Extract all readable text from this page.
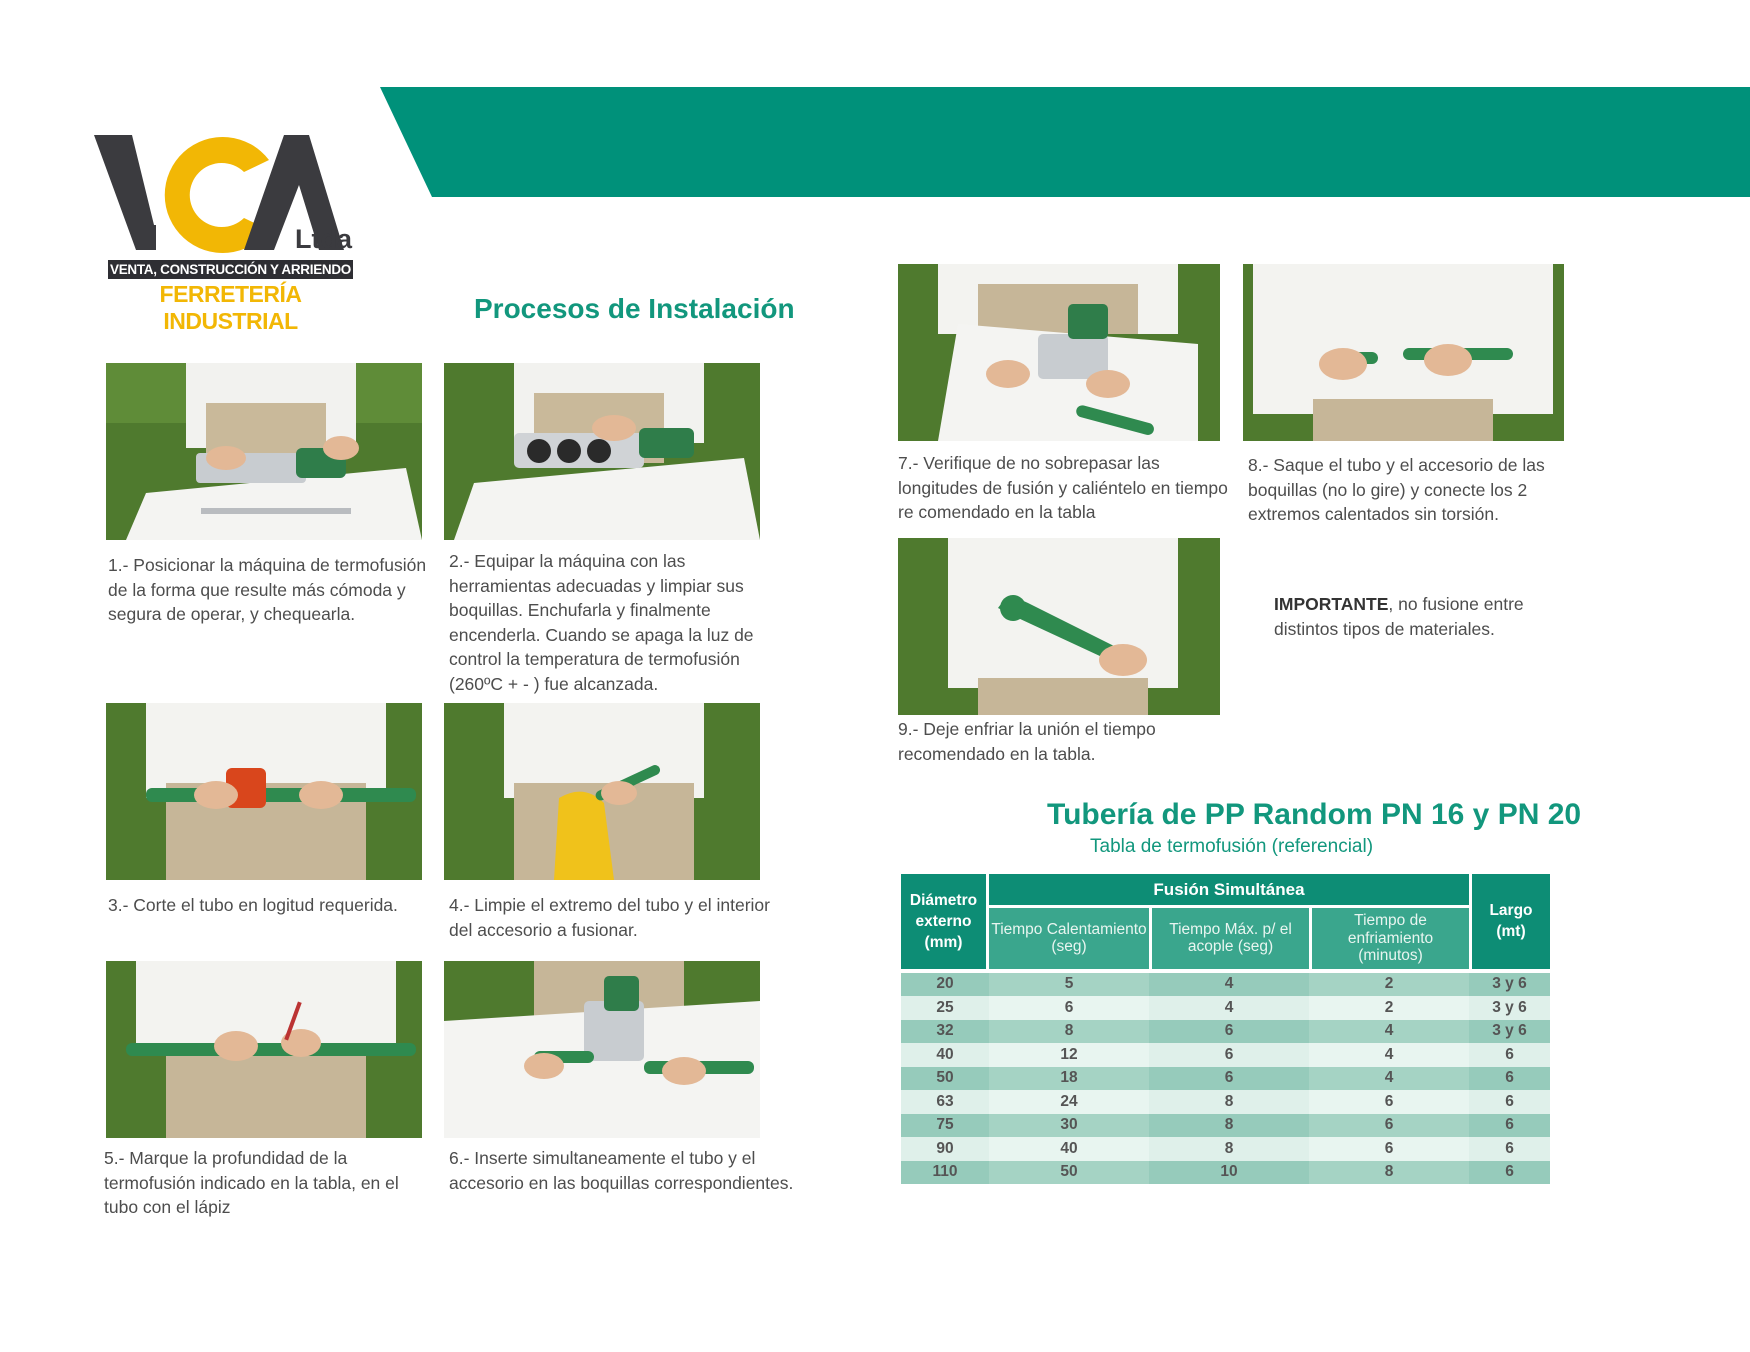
Ltda
VENTA, CONSTRUCCIÓN Y ARRIENDO
FERRETERÍA INDUSTRIAL	Procesos de Instalación
1.- Posicionar la máquina de termofusión de la forma que resulte más cómoda y segura de operar, y chequearla.
2.- Equipar la máquina con las herramientas adecuadas y limpiar sus boquillas. Enchufarla y finalmente encenderla. Cuando se apaga la luz de control la temperatura de termofusión (260ºC + - ) fue alcanzada.
3.- Corte el tubo en logitud requerida.	4.- Limpie el extremo del tubo y el interior del accesorio a fusionar.
5.- Marque la profundidad de la termofusión indicado en la tabla, en el tubo con el lápiz
6.- Inserte simultaneamente el tubo y el accesorio en las boquillas correspondientes.
7.- Verifique de no sobrepasar las longitudes de fusión y caliéntelo en tiempo re comendado en la tabla
8.- Saque el tubo y el accesorio de las boquillas (no lo gire) y conecte los 2 extremos calentados sin torsión.
9.- Deje enfriar la unión el tiempo recomendado en la tabla.
IMPORTANTE, no fusione entre distintos tipos de materiales.
Tubería de PP Random PN 16 y PN 20
Tabla de termofusión (referencial)
Diámetro externo (mm)	Fusión Simultánea			Largo (mt)
	Tiempo Calentamiento (seg)	Tiempo Máx. p/ el acople (seg)	Tiempo de enfriamiento (minutos)	

20	5	4	2	3 y 6
25	6	4	2	3 y 6
32	8	6	4	3 y 6
40	12	6	4	6
50	18	6	4	6
63	24	8	6	6
75	30	8	6	6
90	40	8	6	6
110	50	10	8	6
